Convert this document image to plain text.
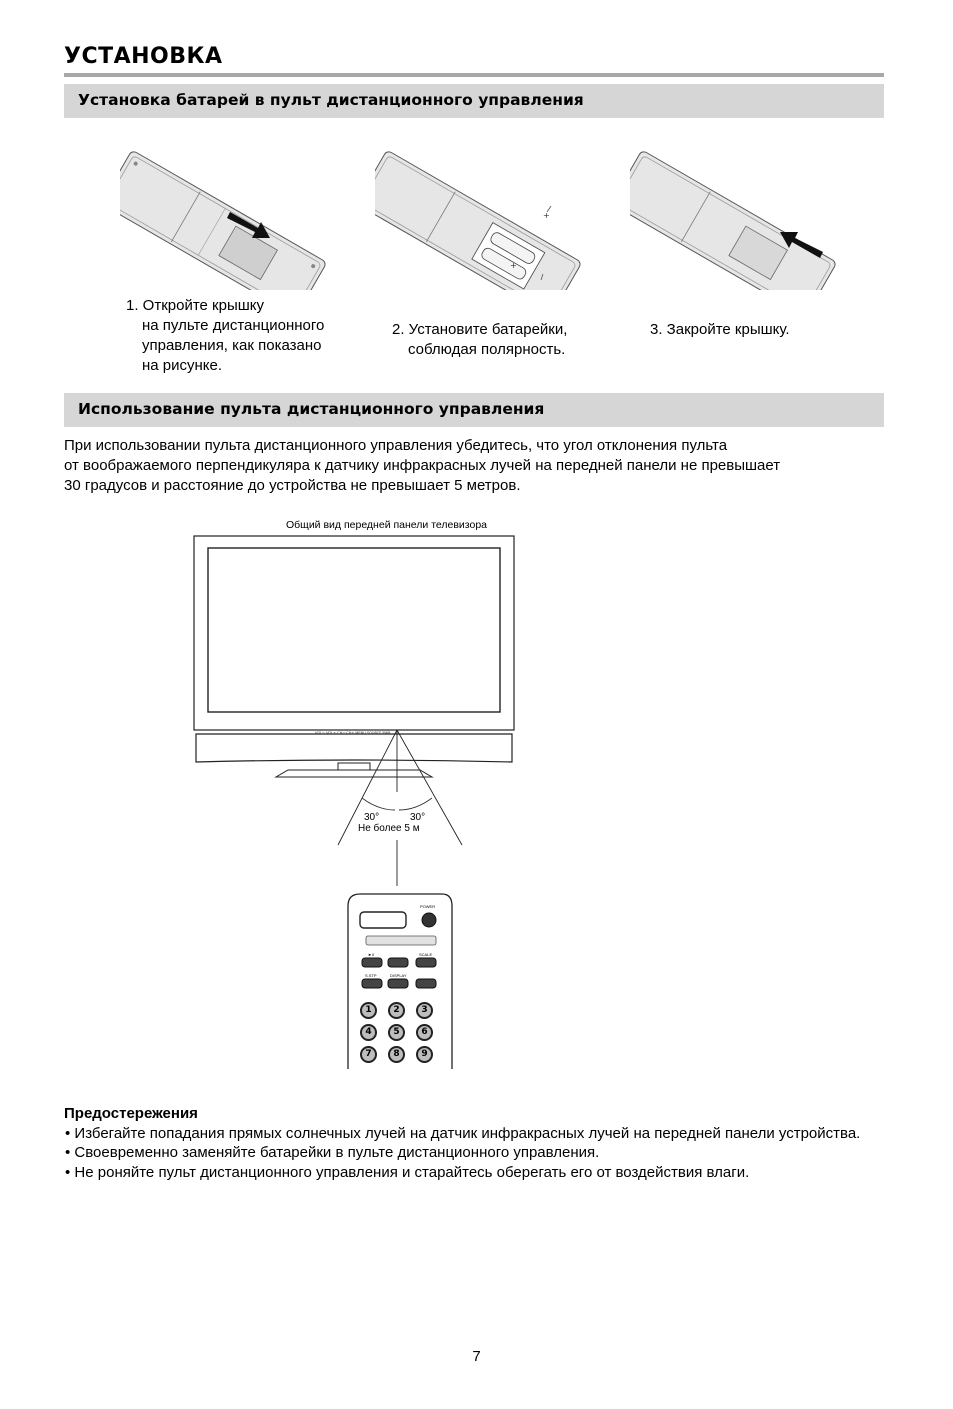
УСТАНОВКА
Установка батарей в пульт дистанционного управления
+
+
1. Откройте крышку
на пульте дистанционного
управления, как показано
на рисунке.
2. Установите батарейки,
соблюдая полярность.
3. Закройте крышку.
Использование пульта дистанционного управления
При использовании пульта дистанционного управления убедитесь, что угол отклонения пульта
от воображаемого перпендикуляра к датчику инфракрасных лучей на передней панели не превышает
30 градусов и расстояние до устройства не превышает 5 метров.
Общий вид передней панели телевизора
VOL− VOL+ CH− CH+ MENU SOURCE PWR
30°	30°
Не более 5 м
POWER
►II	SCALE
S.STP	DISPLAY
1	2	3
4	5	6
7	8	9
Предостережения
• Избегайте попадания прямых солнечных лучей на датчик инфракрасных лучей на передней панели устройства.
• Своевременно заменяйте батарейки в пульте дистанционного управления.
• Не роняйте пульт дистанционного управления и старайтесь оберегать его от воздействия влаги.
7
